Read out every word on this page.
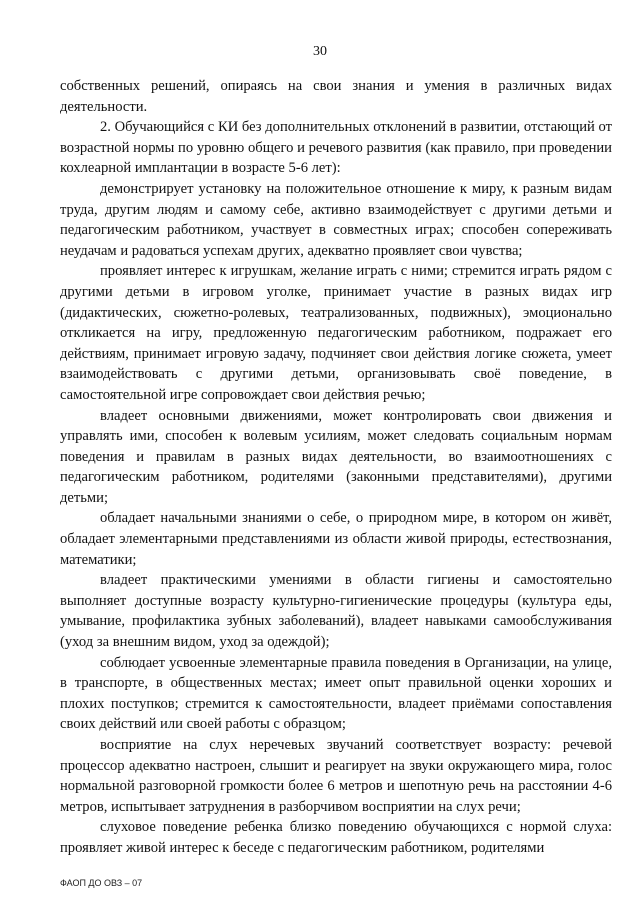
30

собственных решений, опираясь на свои знания и умения в различных видах деятельности.

2. Обучающийся с КИ без дополнительных отклонений в развитии, отстающий от возрастной нормы по уровню общего и речевого развития (как правило, при проведении кохлеарной имплантации в возрасте 5-6 лет):

демонстрирует установку на положительное отношение к миру, к разным видам труда, другим людям и самому себе, активно взаимодействует с другими детьми и педагогическим работником, участвует в совместных играх; способен сопереживать неудачам и радоваться успехам других, адекватно проявляет свои чувства;

проявляет интерес к игрушкам, желание играть с ними; стремится играть рядом с другими детьми в игровом уголке, принимает участие в разных видах игр (дидактических, сюжетно-ролевых, театрализованных, подвижных), эмоционально откликается на игру, предложенную педагогическим работником, подражает его действиям, принимает игровую задачу, подчиняет свои действия логике сюжета, умеет взаимодействовать с другими детьми, организовывать своё поведение, в самостоятельной игре сопровождает свои действия речью;

владеет основными движениями, может контролировать свои движения и управлять ими, способен к волевым усилиям, может следовать социальным нормам поведения и правилам в разных видах деятельности, во взаимоотношениях с педагогическим работником, родителями (законными представителями), другими детьми;

обладает начальными знаниями о себе, о природном мире, в котором он живёт, обладает элементарными представлениями из области живой природы, естествознания, математики;

владеет практическими умениями в области гигиены и самостоятельно выполняет доступные возрасту культурно-гигиенические процедуры (культура еды, умывание, профилактика зубных заболеваний), владеет навыками самообслуживания (уход за внешним видом, уход за одеждой);

соблюдает усвоенные элементарные правила поведения в Организации, на улице, в транспорте, в общественных местах; имеет опыт правильной оценки хороших и плохих поступков; стремится к самостоятельности, владеет приёмами сопоставления своих действий или своей работы с образцом;

восприятие на слух неречевых звучаний соответствует возрасту: речевой процессор адекватно настроен, слышит и реагирует на звуки окружающего мира, голос нормальной разговорной громкости более 6 метров и шепотную речь на расстоянии 4-6 метров, испытывает затруднения в разборчивом восприятии на слух речи;

слуховое поведение ребенка близко поведению обучающихся с нормой слуха: проявляет живой интерес к беседе с педагогическим работником, родителями

ФАОП ДО ОВЗ – 07
